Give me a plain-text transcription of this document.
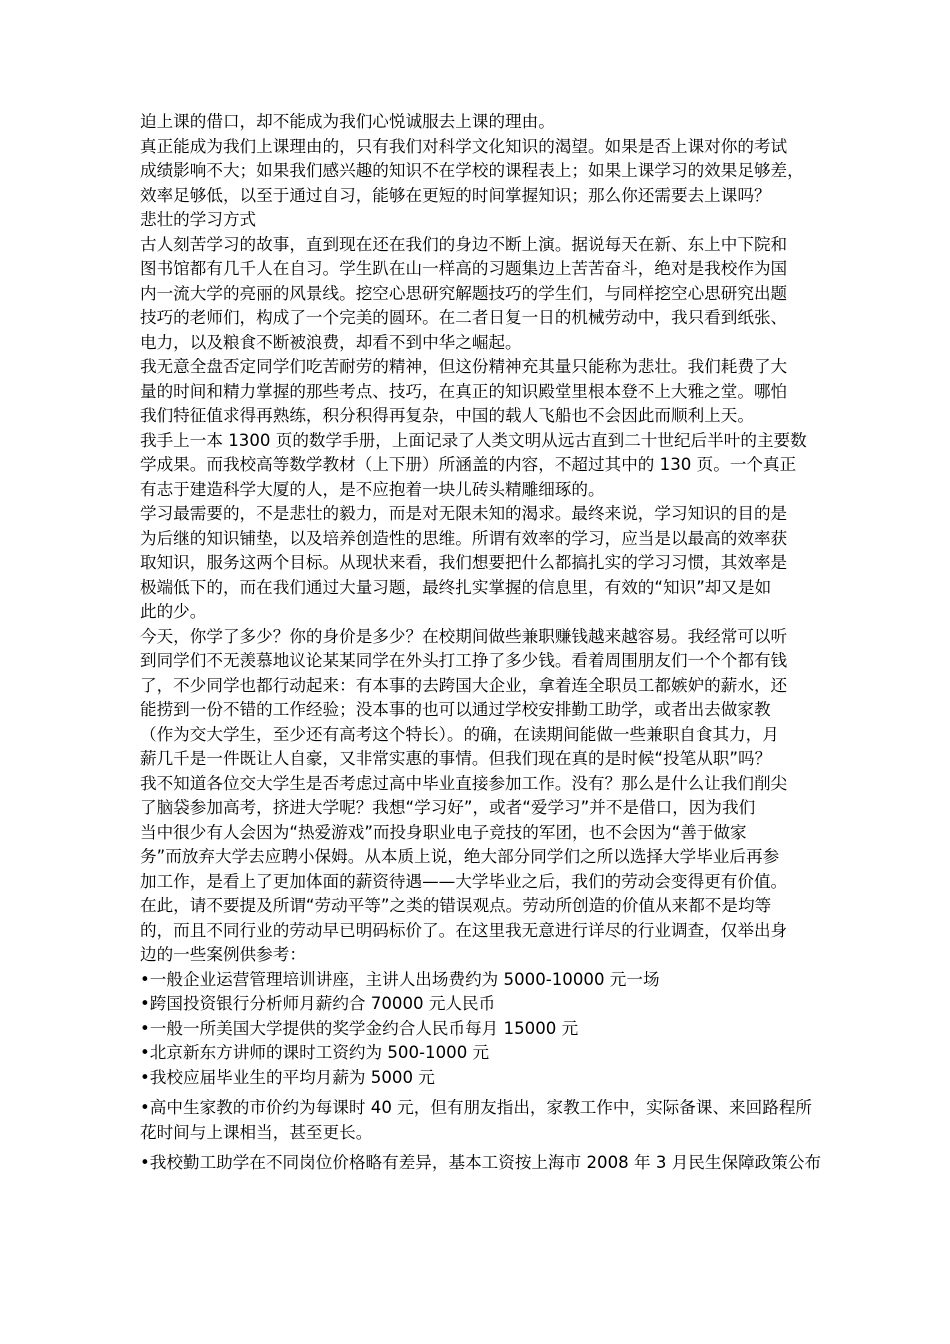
迫上课的借口，却不能成为我们心悦诚服去上课的理由。
真正能成为我们上课理由的，只有我们对科学文化知识的渴望。如果是否上课对你的考试
成绩影响不大；如果我们感兴趣的知识不在学校的课程表上；如果上课学习的效果足够差，
效率足够低，以至于通过自习，能够在更短的时间掌握知识；那么你还需要去上课吗？
悲壮的学习方式
古人刻苦学习的故事，直到现在还在我们的身边不断上演。据说每天在新、东上中下院和
图书馆都有几千人在自习。学生趴在山一样高的习题集边上苦苦奋斗，绝对是我校作为国
内一流大学的亮丽的风景线。挖空心思研究解题技巧的学生们，与同样挖空心思研究出题
技巧的老师们，构成了一个完美的圆环。在二者日复一日的机械劳动中，我只看到纸张、
电力，以及粮食不断被浪费，却看不到中华之崛起。
我无意全盘否定同学们吃苦耐劳的精神，但这份精神充其量只能称为悲壮。我们耗费了大
量的时间和精力掌握的那些考点、技巧，在真正的知识殿堂里根本登不上大雅之堂。哪怕
我们特征值求得再熟练，积分积得再复杂，中国的载人飞船也不会因此而顺利上天。
我手上一本 1300 页的数学手册，上面记录了人类文明从远古直到二十世纪后半叶的主要数
学成果。而我校高等数学教材（上下册）所涵盖的内容，不超过其中的 130 页。一个真正
有志于建造科学大厦的人，是不应抱着一块儿砖头精雕细琢的。
学习最需要的，不是悲壮的毅力，而是对无限未知的渴求。最终来说，学习知识的目的是
为后继的知识铺垫，以及培养创造性的思维。所谓有效率的学习，应当是以最高的效率获
取知识，服务这两个目标。从现状来看，我们想要把什么都搞扎实的学习习惯，其效率是
极端低下的，而在我们通过大量习题，最终扎实掌握的信息里，有效的“知识”却又是如
此的少。
今天，你学了多少？你的身价是多少？在校期间做些兼职赚钱越来越容易。我经常可以听
到同学们不无羡慕地议论某某同学在外头打工挣了多少钱。看着周围朋友们一个个都有钱
了，不少同学也都行动起来：有本事的去跨国大企业，拿着连全职员工都嫉妒的薪水，还
能捞到一份不错的工作经验；没本事的也可以通过学校安排勤工助学，或者出去做家教
（作为交大学生，至少还有高考这个特长）。的确，在读期间能做一些兼职自食其力，月
薪几千是一件既让人自豪，又非常实惠的事情。但我们现在真的是时候“投笔从职”吗？
我不知道各位交大学生是否考虑过高中毕业直接参加工作。没有？那么是什么让我们削尖
了脑袋参加高考，挤进大学呢？我想“学习好”，或者“爱学习”并不是借口，因为我们
当中很少有人会因为“热爱游戏”而投身职业电子竞技的军团，也不会因为“善于做家
务”而放弃大学去应聘小保姆。从本质上说，绝大部分同学们之所以选择大学毕业后再参
加工作，是看上了更加体面的薪资待遇——大学毕业之后，我们的劳动会变得更有价值。
在此，请不要提及所谓“劳动平等”之类的错误观点。劳动所创造的价值从来都不是均等
的，而且不同行业的劳动早已明码标价了。在这里我无意进行详尽的行业调查，仅举出身
边的一些案例供参考：
•一般企业运营管理培训讲座，主讲人出场费约为 5000-10000 元一场
•跨国投资银行分析师月薪约合 70000 元人民币
•一般一所美国大学提供的奖学金约合人民币每月 15000 元
•北京新东方讲师的课时工资约为 500-1000 元
•我校应届毕业生的平均月薪为 5000 元
•高中生家教的市价约为每课时 40 元，但有朋友指出，家教工作中，实际备课、来回路程所
花时间与上课相当，甚至更长。
•我校勤工助学在不同岗位价格略有差异，基本工资按上海市 2008 年 3 月民生保障政策公布
